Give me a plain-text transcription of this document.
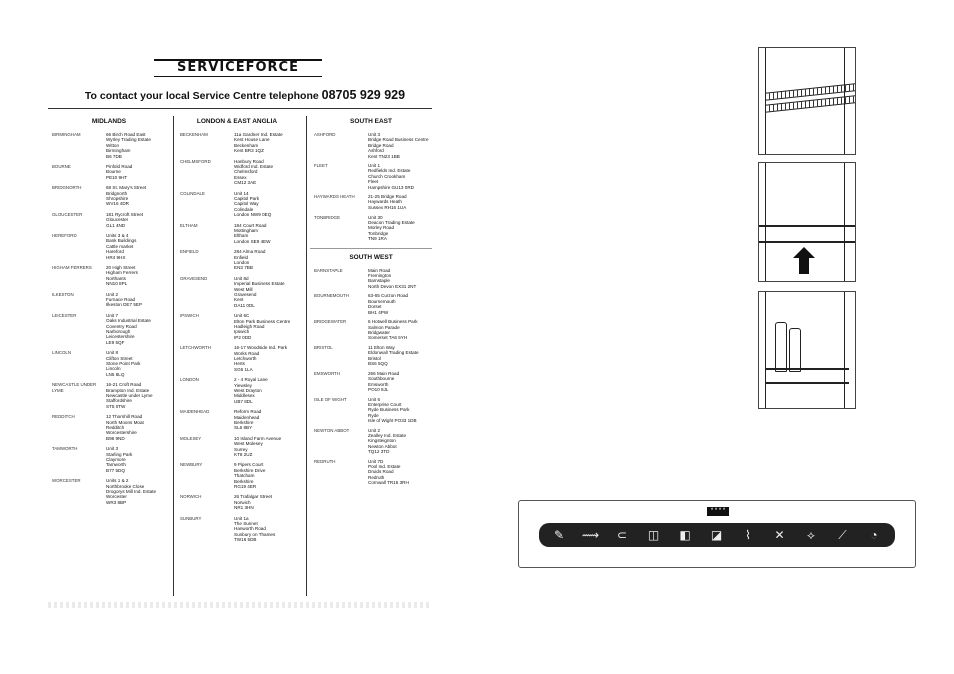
SERVICEFORCE
To contact your local Service Centre telephone 08705 929 929
MIDLANDS
BIRMINGHAM	66 Birch Road East
Wyrley Trading Estate
Witton
Birmingham
B6 7DB
BOURNE	Pinfold Road
Bourne
PE10 9HT
BRIDGNORTH	68 St. Mary's Street
Bridgnorth
Shropshire
WV16 4DR
GLOUCESTER	181 Rycroft Street
Gloucester
GL1 4ND
HEREFORD	Units 3 & 4
Bank Buildings
Cattle market
Hareford
HR4 9HX
HIGHAM FERRERS	20 High Street
Higham Ferrers
Northants
NN10 8PL
ILKESTON	Unit 2
Furnace Road
Ilkeston DE7 5EP
LEICESTER	Unit 7
Oaks Industrial Estate
Coventry Road
Narborough
Leicestershire
LE9 5QF
LINCOLN	Unit 8
Clifton Street
Stone Point Park
Lincoln
LN5 8LQ
NEWCASTLE UNDER LYME
16-21 Croft Road
Brampton Ind. Estate
Newcastle under Lyme
Staffordshire
ST5 0TW
REDDITCH	12 Thornhill Road
North Moons Moat
Redditch
Worcestershire
B98 9ND
TAMWORTH	Unit 3
Starling Park
Claymore
Tamworth
B77 5DQ
WORCESTER	Units 1 & 2
Northbrooke Close
Drogorys Mill Ind. Estate
Worcester
WR3 8BP
LONDON & EAST ANGLIA
BECKENHAM	11a Gardner Ind. Estate
Kent House Lane
Beckenham
Kent BR3 1QZ
CHELMSFORD	Hanbury Road
Widford Ind. Estate
Chelmsford
Essex
CM12 3AE
COLINDALE	Unit 14
Capitol Park
Capitol Way
Colindale
London NW9 0EQ
ELTHAM	184 Court Road
Mottingham
Eltham
London SE9 4EW
ENFIELD	284 Alma Road
Enfield
London
EN3 7BB
GRAVESEND	Unit 8d
Imperial Business Estate
West Mill
Gravesend
Kent
DA11 0DL
IPSWICH	Unit 6C
Elton Park Business Centre
Hadleigh Road
Ipswich
IP2 0DD
LETCHWORTH	16-17 Woodside Ind. Park
Works Road
Letchworth
Herts
SG6 1LA
LONDON	2 - 4 Royal Lane
Yiewsley
West Drayton
Middlesex
UB7 8DL
MAIDENHEAD	Reform Road
Maidenhead
Berkshire
SL6 8BY
MOLESEY	10 Island Farm Avenue
West Molesey
Surrey
KT8 2UZ
NEWBURY	9 Pipers Court
Berkshire Drive
Thatcham
Berkshire
RG19 4ER
NORWICH	26 Trafalgar Street
Norwich
NR1 3HN
SUNBURY	Unit 1a
The Sunnet
Hanworth Road
Sunbury on Thames
TW16 5DB
SOUTH EAST
ASHFORD	Unit 3
Bridge Road Business Centre
Bridge Road
Ashford
Kent TN23 1BB
FLEET	Unit 1
Redfields Ind. Estate
Church Crookham
Fleet
Hampshire GU13 0RD
HAYWARDS HEATH	21-25 Bridge Road
Haywards Heath
Sussex RH16 1UA
TONBRIDGE	Unit 30
Deacon Trading Estate
Morley Road
Tonbridge
TN9 1RA
SOUTH WEST
BARNSTAPLE	Main Road
Fremington
Barnstaple
North Devon EX31 2NT
BOURNEMOUTH	63-65 Curzon Road
Bournemouth
Dorset
BH1 4PW
BRIDGEWATER	6 Hotwell Business Park
Salmon Parade
Bridgwater
Somerset TA6 5YH
BRISTOL	11 Elton Way
Eldonwall Trading Estate
Bristol
BS6 5QQ
EMSWORTH	266 Main Road
Southbourne
Emsworth
PO10 8JL
ISLE OF WIGHT	Unit 6
Enterprise Court
Ryde Business Park
Ryde
Isle of Wight PO33 1DB
NEWTON ABBOT	Unit 2
Zealley Ind. Estate
Kingsteignton
Newton Abbot
TQ12 3TD
REDRUTH	Unit 7D
Pool Ind. Estate
Druids Road
Redruth
Cornwall TR15 3RH
* * * *
✎	⟿	⊂	◫	◧	◪	⌇	✕	⟡	⟋	◔
